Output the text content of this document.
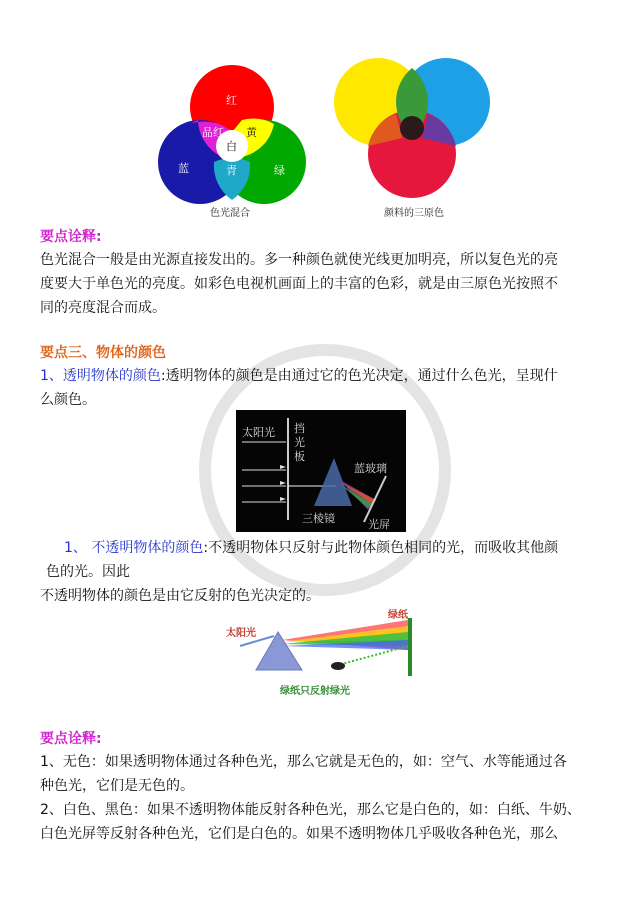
红
品红 黄
白
蓝	青	绿
色光混合	颜料的三原色
要点诠释:
色光混合一般是由光源直接发出的。多一种颜色就使光线更加明亮，所以复色光的亮
度要大于单色光的亮度。如彩色电视机画面上的丰富的色彩，就是由三原色光按照不
同的亮度混合而成。
要点三、物体的颜色
1、透明物体的颜色:透明物体的颜色是由通过它的色光决定，通过什么色光，呈现什
么颜色。
太阳光 挡
光
板
蓝玻璃
三棱镜	光屏
1、 不透明物体的颜色:不透明物体只反射与此物体颜色相同的光，而吸收其他颜
色的光。因此
不透明物体的颜色是由它反射的色光决定的。
绿纸
太阳光
绿纸只反射绿光
要点诠释:
1、无色：如果透明物体通过各种色光，那么它就是无色的，如：空气、水等能通过各
种色光，它们是无色的。
2、白色、黑色：如果不透明物体能反射各种色光，那么它是白色的，如：白纸、牛奶、
白色光屏等反射各种色光，它们是白色的。如果不透明物体几乎吸收各种色光，那么
